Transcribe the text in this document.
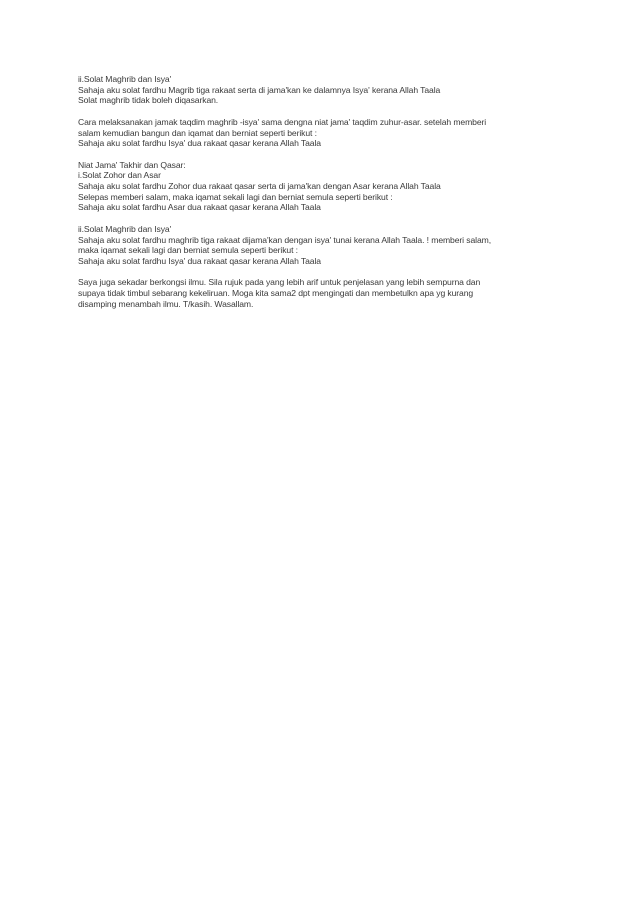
ii.Solat Maghrib dan Isya'
Sahaja aku solat fardhu Magrib tiga rakaat serta di jama'kan ke dalamnya Isya' kerana Allah Taala
Solat maghrib tidak boleh diqasarkan.
Cara melaksanakan jamak taqdim maghrib -isya' sama dengna niat jama' taqdim zuhur-asar. setelah memberi
salam kemudian bangun dan iqamat dan berniat seperti berikut :
Sahaja aku solat fardhu Isya' dua rakaat qasar kerana Allah Taala
Niat Jama' Takhir dan Qasar:
i.Solat Zohor dan Asar
Sahaja aku solat fardhu Zohor dua rakaat qasar serta di jama'kan dengan Asar kerana Allah Taala
Selepas memberi salam, maka iqamat sekali lagi dan berniat semula seperti berikut :
Sahaja aku solat fardhu Asar dua rakaat qasar kerana Allah Taala
ii.Solat Maghrib dan Isya'
Sahaja aku solat fardhu maghrib tiga rakaat dijama'kan dengan isya' tunai kerana Allah Taala. ! memberi salam,
maka iqamat sekali lagi dan berniat semula seperti berikut :
Sahaja aku solat fardhu Isya' dua rakaat qasar kerana Allah Taala
Saya juga sekadar berkongsi ilmu. Sila rujuk pada yang lebih arif untuk penjelasan yang lebih sempurna dan
supaya tidak timbul sebarang kekeliruan. Moga kita sama2 dpt mengingati dan membetulkn apa yg kurang
disamping menambah ilmu. T/kasih. Wasallam.
